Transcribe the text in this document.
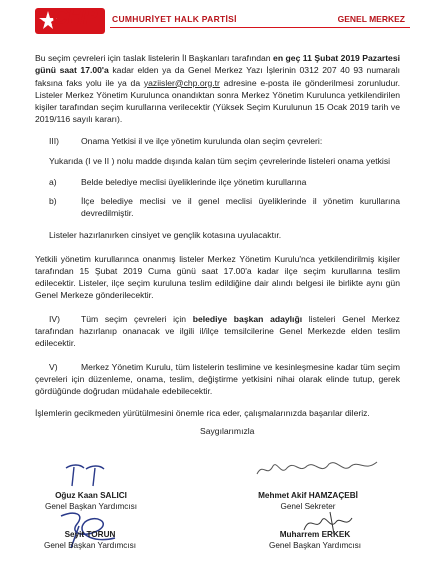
CHP CUMHURİYET HALK PARTİSİ	GENEL MERKEZ

Bu seçim çevreleri için taslak listelerin İl Başkanları tarafından en geç 11 Şubat 2019 Pazartesi günü saat 17.00'a kadar elden ya da Genel Merkez Yazı İşlerinin 0312 207 40 93 numaralı faksına faks yolu ile ya da yaziisler@chp.org.tr adresine e-posta ile gönderilmesi zorunludur. Listeler Merkez Yönetim Kurulunca onandıktan sonra Merkez Yönetim Kurulunca yetkilendirilen kişiler tarafından seçim kurullarına verilecektir (Yüksek Seçim Kurulunun 15 Ocak 2019 tarih ve 2019/116 sayılı kararı).

III)	Onama Yetkisi il ve ilçe yönetim kurulunda olan seçim çevreleri:

Yukarıda (I ve II ) nolu madde dışında kalan tüm seçim çevrelerinde listeleri onama yetkisi

a)	Belde belediye meclisi üyeliklerinde ilçe yönetim kurullarına
b)	İlçe belediye meclisi ve il genel meclisi üyeliklerinde il yönetim kurullarına devredilmiştir.

Listeler hazırlanırken cinsiyet ve gençlik kotasına uyulacaktır.

Yetkili yönetim kurullarınca onanmış listeler Merkez Yönetim Kurulu'nca yetkilendirilmiş kişiler tarafından 15 Şubat 2019 Cuma günü saat 17.00'a kadar ilçe seçim kurullarına teslim edilecektir. Listeler, ilçe seçim kuruluna teslim edildiğine dair alındı belgesi ile birlikte aynı gün Genel Merkeze gönderilecektir.

IV) Tüm seçim çevreleri için belediye başkan adaylığı listeleri Genel Merkez tarafından hazırlanıp onanacak ve ilgili il/ilçe temsilcilerine Genel Merkezde elden teslim edilecektir.

V)	Merkez Yönetim Kurulu, tüm listelerin teslimine ve kesinleşmesine kadar tüm seçim çevreleri için düzenleme, onama, teslim, değiştirme yetkisini nihai olarak elinde tutup, gerek gördüğünde doğrudan müdahale edebilecektir.

İşlemlerin gecikmeden yürütülmesini önemle rica eder, çalışmalarınızda başarılar dileriz.

Saygılarımızla

Oğuz Kaan SALICI
Genel Başkan Yardımcısı
Mehmet Akif HAMZAÇEBİ
Genel Sekreter
Seyit TORUN
Genel Başkan Yardımcısı
Muharrem ERKEK
Genel Başkan Yardımcısı
